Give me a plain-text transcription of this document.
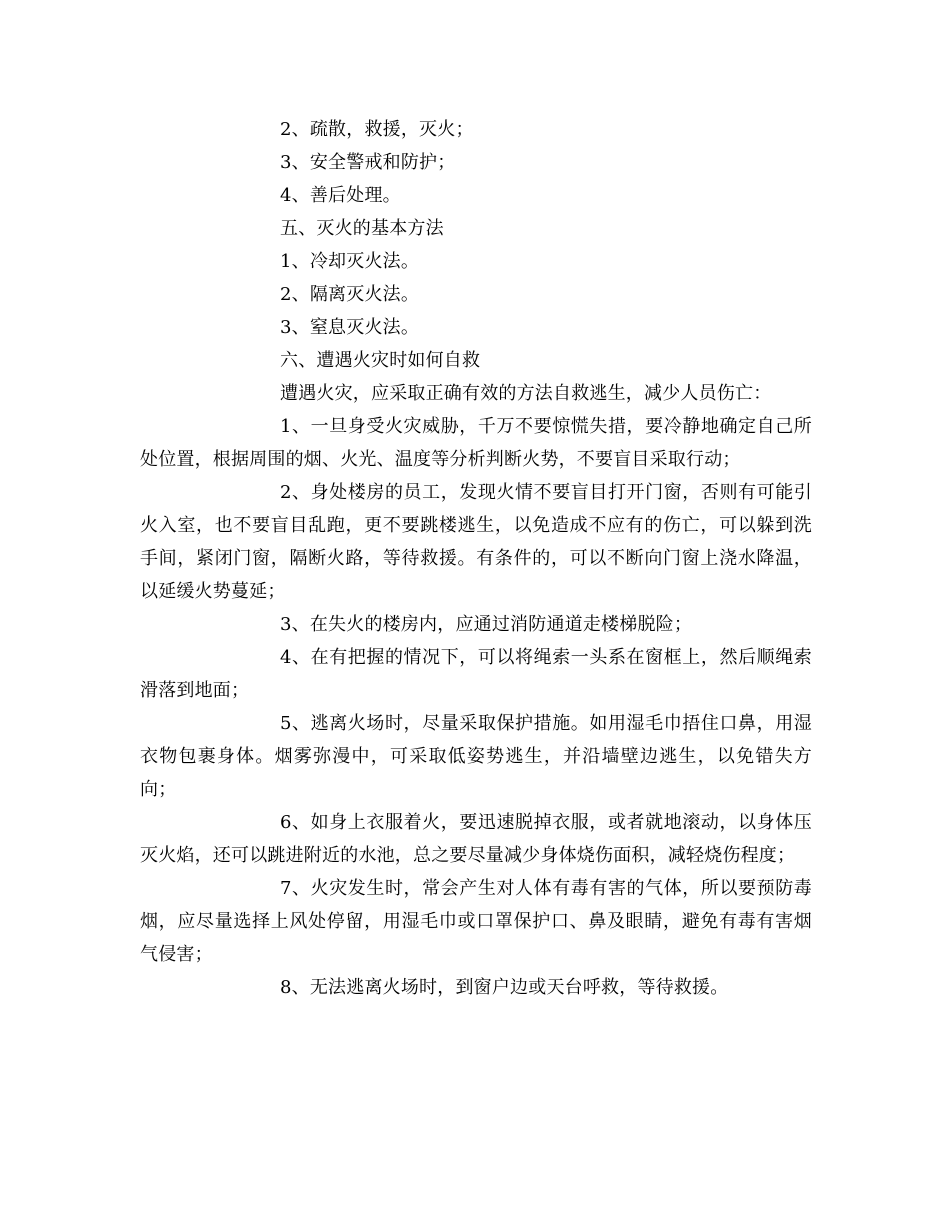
2、疏散，救援，灭火；

3、安全警戒和防护；

4、善后处理。

五、灭火的基本方法

1、冷却灭火法。

2、隔离灭火法。

3、窒息灭火法。

六、遭遇火灾时如何自救

遭遇火灾，应采取正确有效的方法自救逃生，减少人员伤亡：

1、一旦身受火灾威胁，千万不要惊慌失措，要冷静地确定自己所处位置，根据周围的烟、火光、温度等分析判断火势，不要盲目采取行动；

2、身处楼房的员工，发现火情不要盲目打开门窗，否则有可能引火入室，也不要盲目乱跑，更不要跳楼逃生，以免造成不应有的伤亡，可以躲到洗手间，紧闭门窗，隔断火路，等待救援。有条件的，可以不断向门窗上浇水降温，以延缓火势蔓延；

3、在失火的楼房内，应通过消防通道走楼梯脱险；

4、在有把握的情况下，可以将绳索一头系在窗框上，然后顺绳索滑落到地面；

5、逃离火场时，尽量采取保护措施。如用湿毛巾捂住口鼻，用湿衣物包裹身体。烟雾弥漫中，可采取低姿势逃生，并沿墙壁边逃生，以免错失方向；

6、如身上衣服着火，要迅速脱掉衣服，或者就地滚动，以身体压灭火焰，还可以跳进附近的水池，总之要尽量减少身体烧伤面积，减轻烧伤程度；

7、火灾发生时，常会产生对人体有毒有害的气体，所以要预防毒烟，应尽量选择上风处停留，用湿毛巾或口罩保护口、鼻及眼睛，避免有毒有害烟气侵害；

8、无法逃离火场时，到窗户边或天台呼救，等待救援。
